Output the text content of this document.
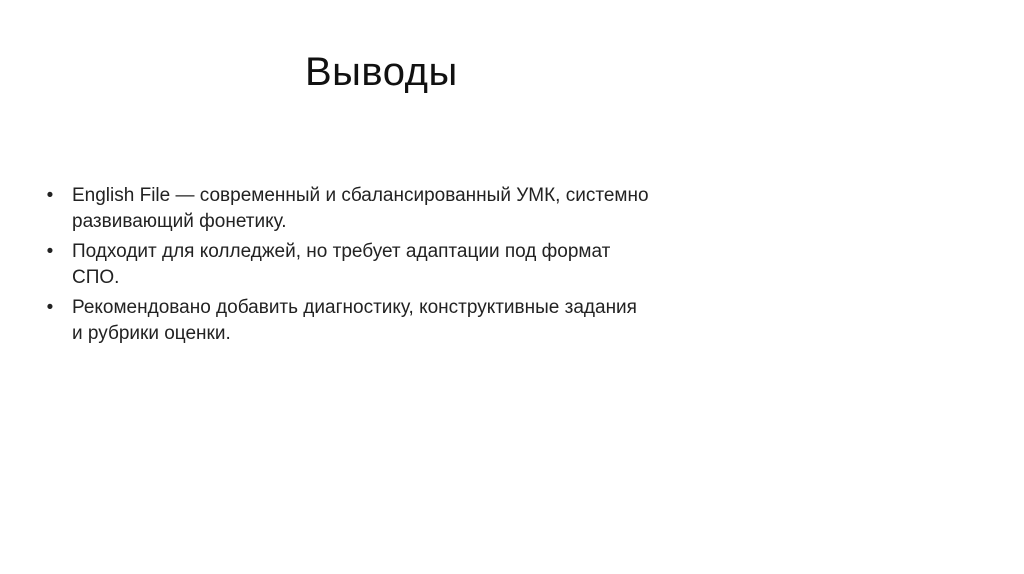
Выводы
• English File — современный и сбалансированный УМК, системно
развивающий фонетику.
• Подходит для колледжей, но требует адаптации под формат
СПО.
• Рекомендовано добавить диагностику, конструктивные задания
и рубрики оценки.
